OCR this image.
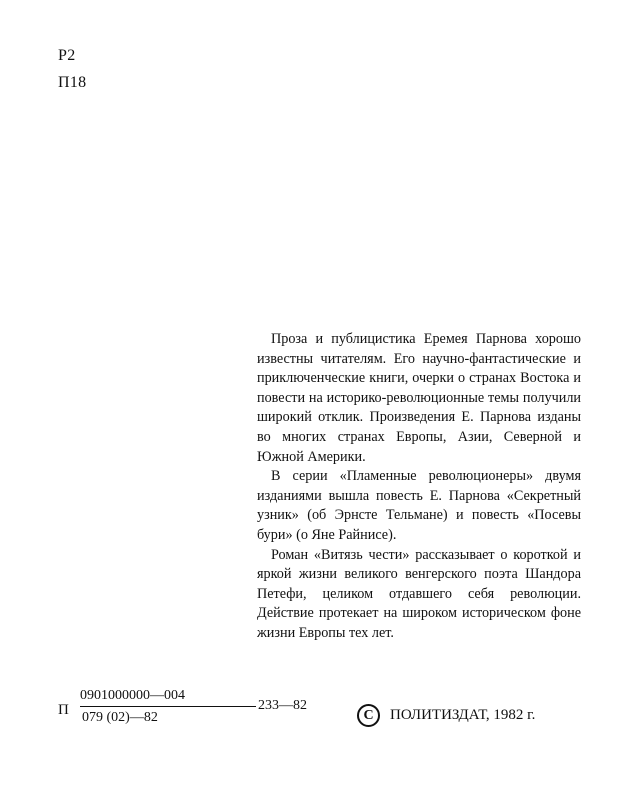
Р2
П18

Проза и публицистика Еремея Парнова хорошо известны читателям. Его научно-фантастические и приключенческие книги, очерки о странах Востока и повести на историко-революционные темы получили широкий отклик. Произведения Е. Парнова изданы во многих странах Европы, Азии, Северной и Южной Америки.

В серии «Пламенные революционеры» двумя изданиями вышла повесть Е. Парнова «Секретный узник» (об Эрнсте Тельмане) и повесть «Посевы бури» (о Яне Райнисе).

Роман «Витязь чести» рассказывает о короткой и яркой жизни великого венгерского поэта Шандора Петефи, целиком отдавшего себя революции. Действие протекает на широком историческом фоне жизни Европы тех лет.

П
0901000000—004
079 (02)—82
233—82
С	ПОЛИТИЗДАТ, 1982 г.
